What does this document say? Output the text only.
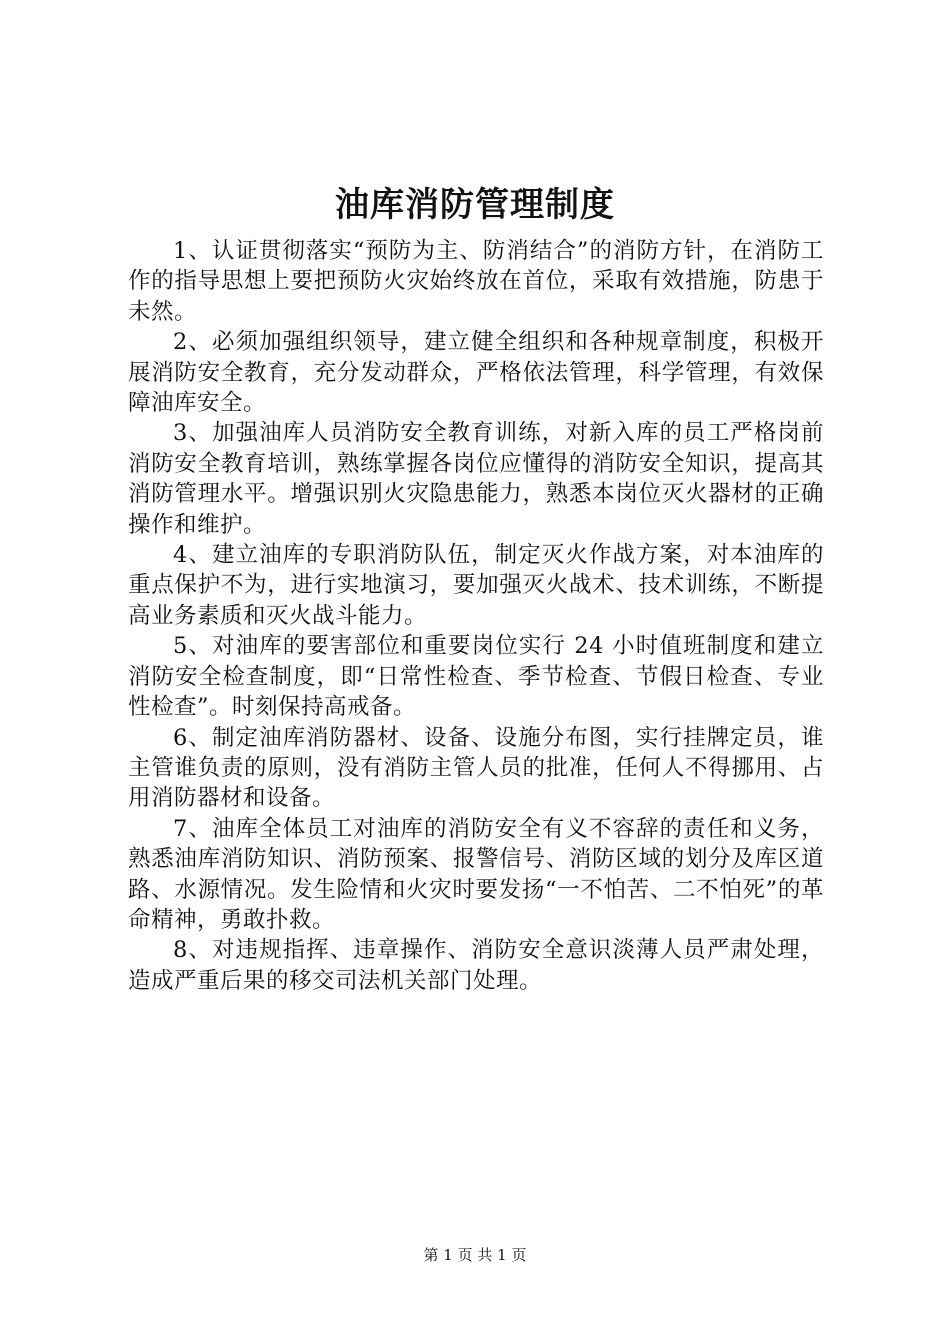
油库消防管理制度

1、认证贯彻落实“预防为主、防消结合”的消防方针，在消防工作的指导思想上要把预防火灾始终放在首位，采取有效措施，防患于未然。

2、必须加强组织领导，建立健全组织和各种规章制度，积极开展消防安全教育，充分发动群众，严格依法管理，科学管理，有效保障油库安全。

3、加强油库人员消防安全教育训练，对新入库的员工严格岗前消防安全教育培训，熟练掌握各岗位应懂得的消防安全知识，提高其消防管理水平。增强识别火灾隐患能力，熟悉本岗位灭火器材的正确操作和维护。

4、建立油库的专职消防队伍，制定灭火作战方案，对本油库的重点保护不为，进行实地演习，要加强灭火战术、技术训练，不断提高业务素质和灭火战斗能力。

5、对油库的要害部位和重要岗位实行 24 小时值班制度和建立消防安全检查制度，即“日常性检查、季节检查、节假日检查、专业性检查”。时刻保持高戒备。

6、制定油库消防器材、设备、设施分布图，实行挂牌定员，谁主管谁负责的原则，没有消防主管人员的批准，任何人不得挪用、占用消防器材和设备。

7、油库全体员工对油库的消防安全有义不容辞的责任和义务，熟悉油库消防知识、消防预案、报警信号、消防区域的划分及库区道路、水源情况。发生险情和火灾时要发扬“一不怕苦、二不怕死”的革命精神，勇敢扑救。

8、对违规指挥、违章操作、消防安全意识淡薄人员严肃处理，造成严重后果的移交司法机关部门处理。

第 1 页 共 1 页
